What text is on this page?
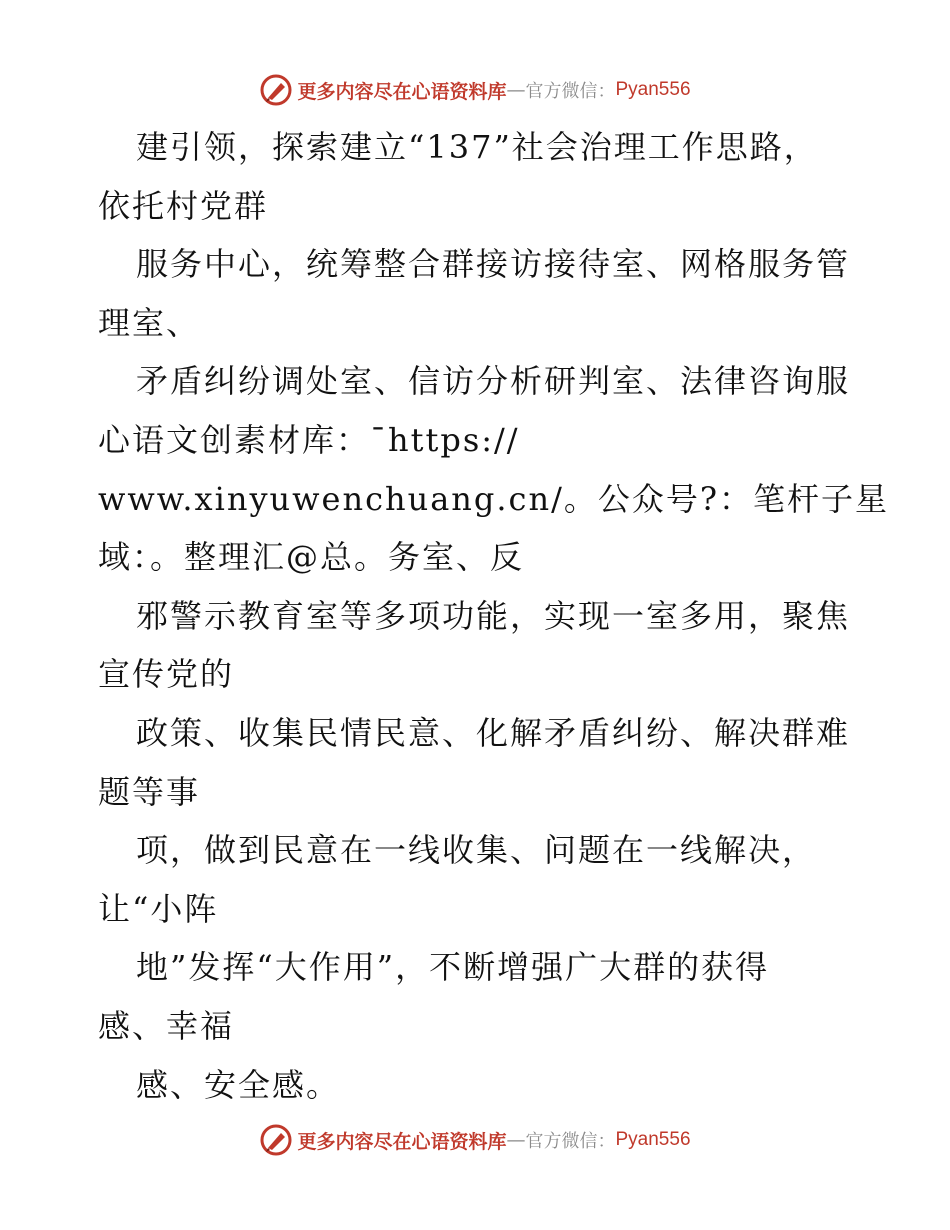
更多内容尽在心语资料库 — 官方微信： Pyan556
建引领，探索建立“137”社会治理工作思路，
依托村党群
服务中心，统筹整合群接访接待室、网格服务管
理室、
矛盾纠纷调处室、信访分析研判室、法律咨询服
心语文创素材库：¯https://
www.xinyuwenchuang.cn/。公众号?：笔杆子星
域：。整理汇@总。务室、反
邪警示教育室等多项功能，实现一室多用，聚焦
宣传党的
政策、收集民情民意、化解矛盾纠纷、解决群难
题等事
项，做到民意在一线收集、问题在一线解决，
让“小阵
地”发挥“大作用”，不断增强广大群的获得
感、幸福
感、安全感。
更多内容尽在心语资料库 — 官方微信： Pyan556
